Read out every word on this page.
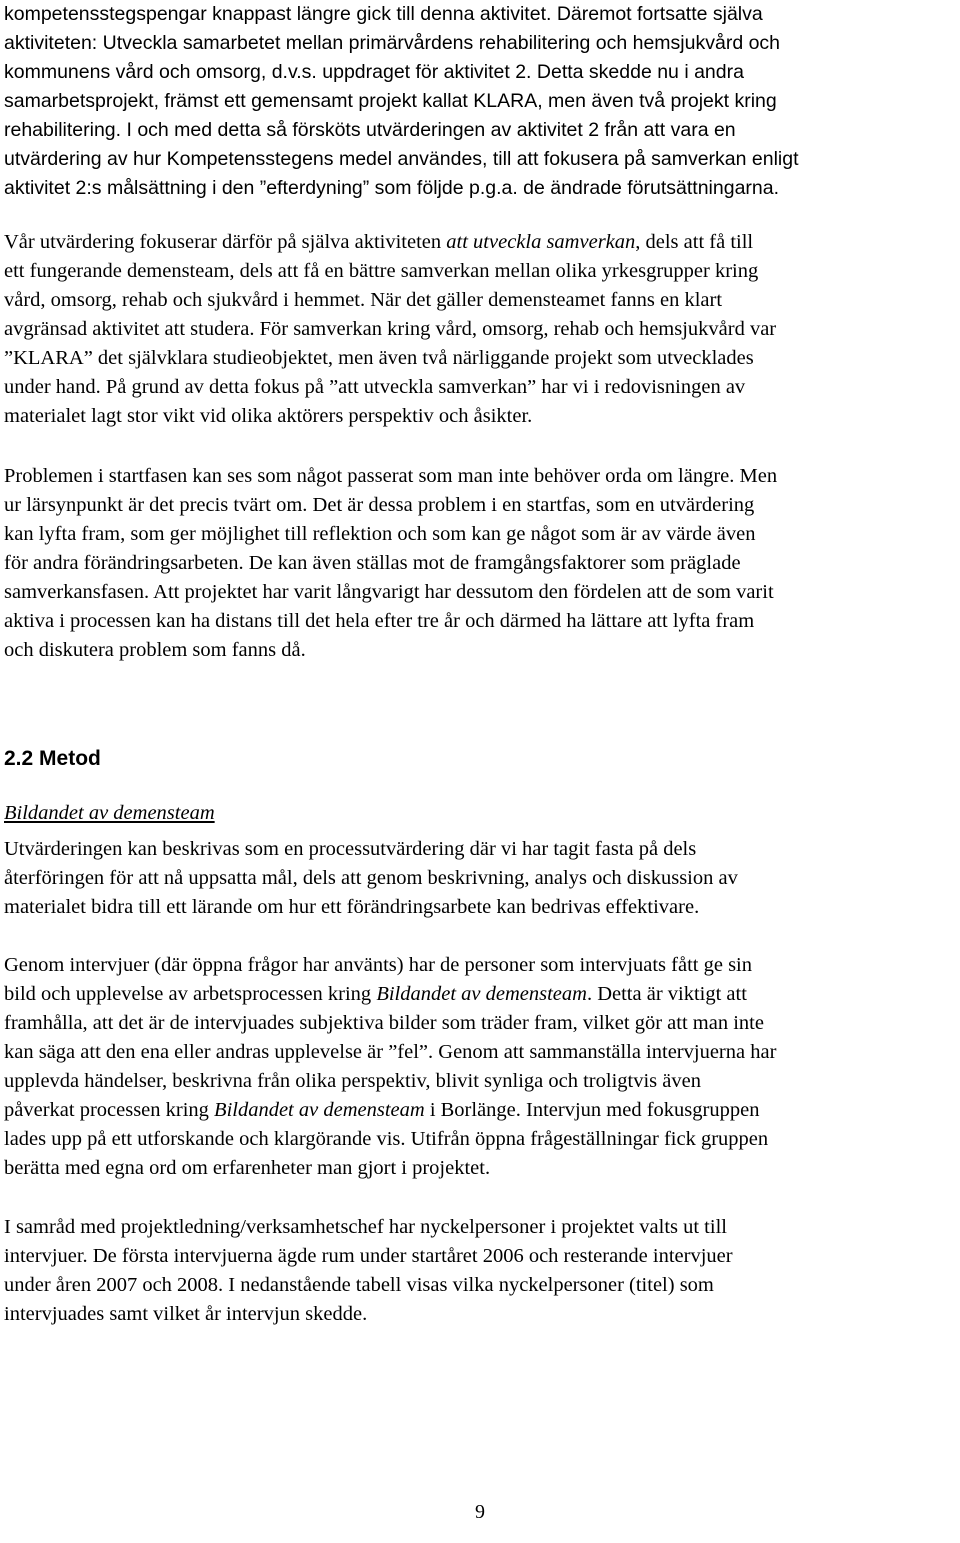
kompetensstegspengar knappast längre gick till denna aktivitet. Däremot fortsatte själva
aktiviteten: Utveckla samarbetet mellan primärvårdens rehabilitering och hemsjukvård och
kommunens vård och omsorg, d.v.s. uppdraget för aktivitet 2. Detta skedde nu i andra
samarbetsprojekt, främst ett gemensamt projekt kallat KLARA, men även två projekt kring
rehabilitering. I och med detta så försköts utvärderingen av aktivitet 2 från att vara en
utvärdering av hur Kompetensstegens medel användes, till att fokusera på samverkan enligt
aktivitet 2:s målsättning i den ”efterdyning” som följde p.g.a. de ändrade förutsättningarna.
Vår utvärdering fokuserar därför på själva aktiviteten att utveckla samverkan, dels att få till
ett fungerande demensteam, dels att få en bättre samverkan mellan olika yrkesgrupper kring
vård, omsorg, rehab och sjukvård i hemmet. När det gäller demensteamet fanns en klart
avgränsad aktivitet att studera. För samverkan kring vård, omsorg, rehab och hemsjukvård var
”KLARA” det självklara studieobjektet, men även två närliggande projekt som utvecklades
under hand. På grund av detta fokus på ”att utveckla samverkan” har vi i redovisningen av
materialet lagt stor vikt vid olika aktörers perspektiv och åsikter.
Problemen i startfasen kan ses som något passerat som man inte behöver orda om längre. Men
ur lärsynpunkt är det precis tvärt om. Det är dessa problem i en startfas, som en utvärdering
kan lyfta fram, som ger möjlighet till reflektion och som kan ge något som är av värde även
för andra förändringsarbeten. De kan även ställas mot de framgångsfaktorer som präglade
samverkansfasen. Att projektet har varit långvarigt har dessutom den fördelen att de som varit
aktiva i processen kan ha distans till det hela efter tre år och därmed ha lättare att lyfta fram
och diskutera problem som fanns då.
2.2 Metod
Bildandet av demensteam
Utvärderingen kan beskrivas som en processutvärdering där vi har tagit fasta på dels
återföringen för att nå uppsatta mål, dels att genom beskrivning, analys och diskussion av
materialet bidra till ett lärande om hur ett förändringsarbete kan bedrivas effektivare.
Genom intervjuer (där öppna frågor har använts) har de personer som intervjuats fått ge sin
bild och upplevelse av arbetsprocessen kring Bildandet av demensteam. Detta är viktigt att
framhålla, att det är de intervjuades subjektiva bilder som träder fram, vilket gör att man inte
kan säga att den ena eller andras upplevelse är ”fel”. Genom att sammanställa intervjuerna har
upplevda händelser, beskrivna från olika perspektiv, blivit synliga och troligtvis även
påverkat processen kring Bildandet av demensteam i Borlänge. Intervjun med fokusgruppen
lades upp på ett utforskande och klargörande vis. Utifrån öppna frågeställningar fick gruppen
berätta med egna ord om erfarenheter man gjort i projektet.
I samråd med projektledning/verksamhetschef har nyckelpersoner i projektet valts ut till
intervjuer. De första intervjuerna ägde rum under startåret 2006 och resterande intervjuer
under åren 2007 och 2008. I nedanstående tabell visas vilka nyckelpersoner (titel) som
intervjuades samt vilket år intervjun skedde.
9
